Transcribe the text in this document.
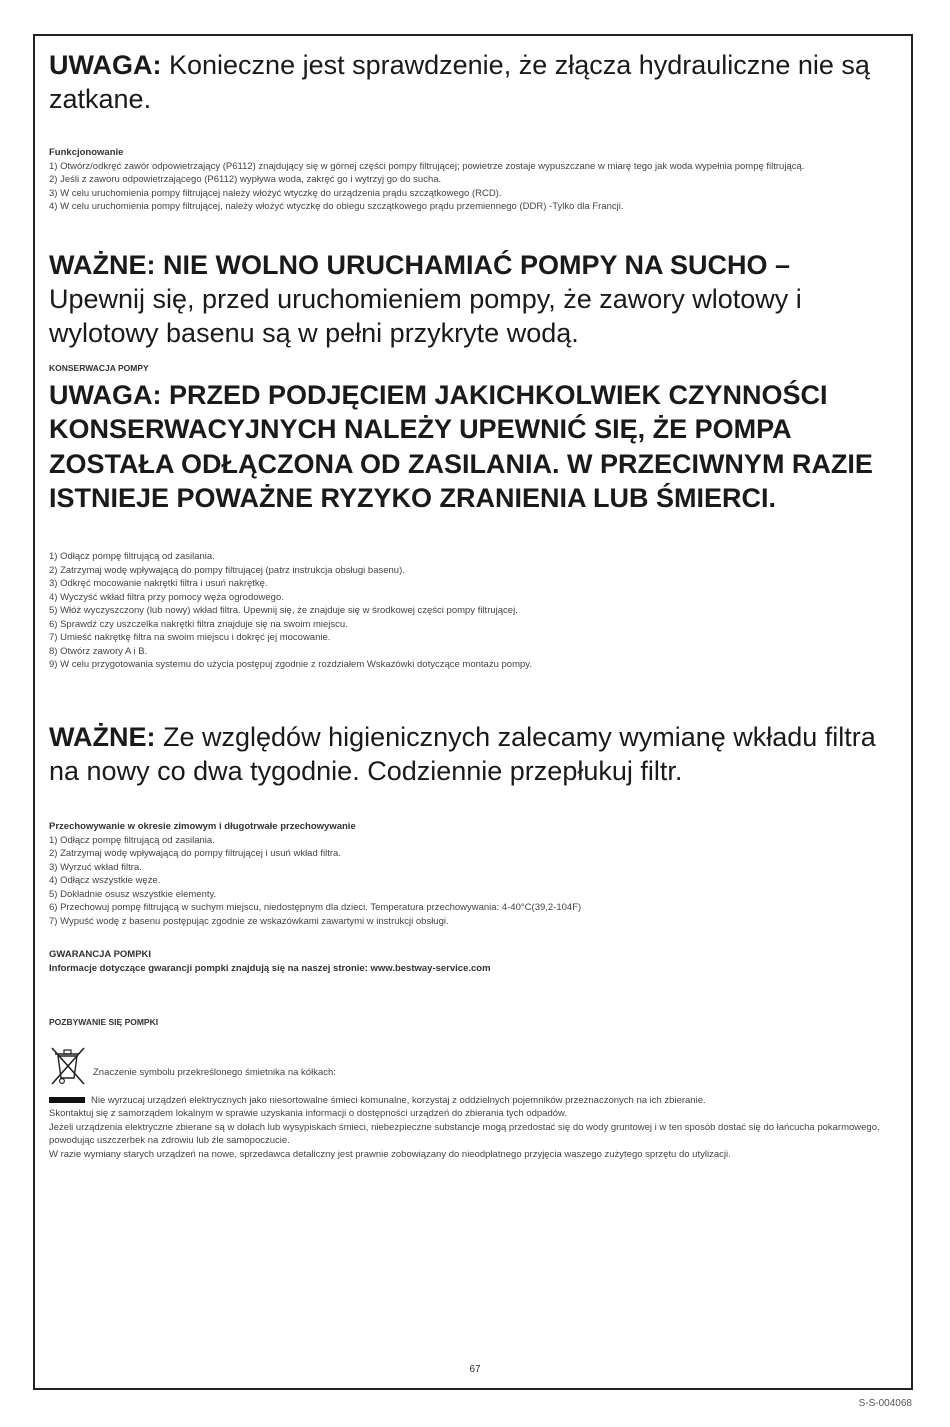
UWAGA: Konieczne jest sprawdzenie, że złącza hydrauliczne nie są zatkane.

Funkcjonowanie

1) Otwórz/odkręć zawór odpowietrzający (P6112) znajdujący się w górnej części pompy filtrującej; powietrze zostaje wypuszczane w miarę tego jak woda wypełnia pompę filtrującą.

2) Jeśli z zaworu odpowietrzającego (P6112) wypływa woda, zakręć go i wytrzyj go do sucha.

3) W celu uruchomienia pompy filtrującej należy włożyć wtyczkę do urządzenia prądu szczątkowego (RCD).

4) W celu uruchomienia pompy filtrującej, należy włożyć wtyczkę do obiegu szczątkowego prądu przemiennego (DDR) -Tylko dla Francji.

WAŻNE: NIE WOLNO URUCHAMIAĆ POMPY NA SUCHO –

Upewnij się, przed uruchomieniem pompy, że zawory wlotowy i wylotowy basenu są w pełni przykryte wodą.

KONSERWACJA POMPY

UWAGA: PRZED PODJĘCIEM JAKICHKOLWIEK CZYNNOŚCI KONSERWACYJNYCH NALEŻY UPEWNIĆ SIĘ, ŻE POMPA ZOSTAŁA ODŁĄCZONA OD ZASILANIA. W PRZECIWNYM RAZIE ISTNIEJE POWAŻNE RYZYKO ZRANIENIA LUB ŚMIERCI.

1) Odłącz pompę filtrującą od zasilania.

2) Zatrzymaj wodę wpływającą do pompy filtrującej (patrz instrukcja obsługi basenu).

3) Odkręć mocowanie nakrętki filtra i usuń nakrętkę.

4) Wyczyść wkład filtra przy pomocy węża ogrodowego.

5) Włóż wyczyszczony (lub nowy) wkład filtra. Upewnij się, że znajduje się w środkowej części pompy filtrującej.

6) Sprawdź czy uszczelka nakrętki filtra znajduje się na swoim miejscu.

7) Umieść nakrętkę filtra na swoim miejscu i dokręć jej mocowanie.

8) Otwórz zawory A i B.

9) W celu przygotowania systemu do użycia postępuj zgodnie z rozdziałem Wskazówki dotyczące montażu pompy.

WAŻNE: Ze względów higienicznych zalecamy wymianę wkładu filtra na nowy co dwa tygodnie. Codziennie przepłukuj filtr.

Przechowywanie w okresie zimowym i długotrwałe przechowywanie

1) Odłącz pompę filtrującą od zasilania.

2) Zatrzymaj wodę wpływającą do pompy filtrującej i usuń wkład filtra.

3) Wyrzuć wkład filtra.

4) Odłącz wszystkie węże.

5) Dokładnie osusz wszystkie elementy.

6) Przechowuj pompę filtrującą w suchym miejscu, niedostępnym dla dzieci. Temperatura przechowywania: 4-40°C(39,2-104F)

7) Wypuść wodę z basenu postępując zgodnie ze wskazówkami zawartymi w instrukcji obsługi.

GWARANCJA POMPKI

Informacje dotyczące gwarancji pompki znajdują się na naszej stronie: www.bestway-service.com

POZBYWANIE SIĘ POMPKI

Znaczenie symbolu przekreślonego śmietnika na kółkach:

Nie wyrzucaj urządzeń elektrycznych jako niesortowalne śmieci komunalne, korzystaj z oddzielnych pojemników przeznaczonych na ich zbieranie.

Skontaktuj się z samorządem lokalnym w sprawie uzyskania informacji o dostępności urządzeń do zbierania tych odpadów.

Jeżeli urządzenia elektryczne zbierane są w dołach lub wysypiskach śmieci, niebezpieczne substancje mogą przedostać się do wody gruntowej i w ten sposób dostać się do łańcucha pokarmowego, powodując uszczerbek na zdrowiu lub źle samopoczucie.

W razie wymiany starych urządzeń na nowe, sprzedawca detaliczny jest prawnie zobowiązany do nieodpłatnego przyjęcia waszego zużytego sprzętu do utylizacji.

67
S-S-004068
